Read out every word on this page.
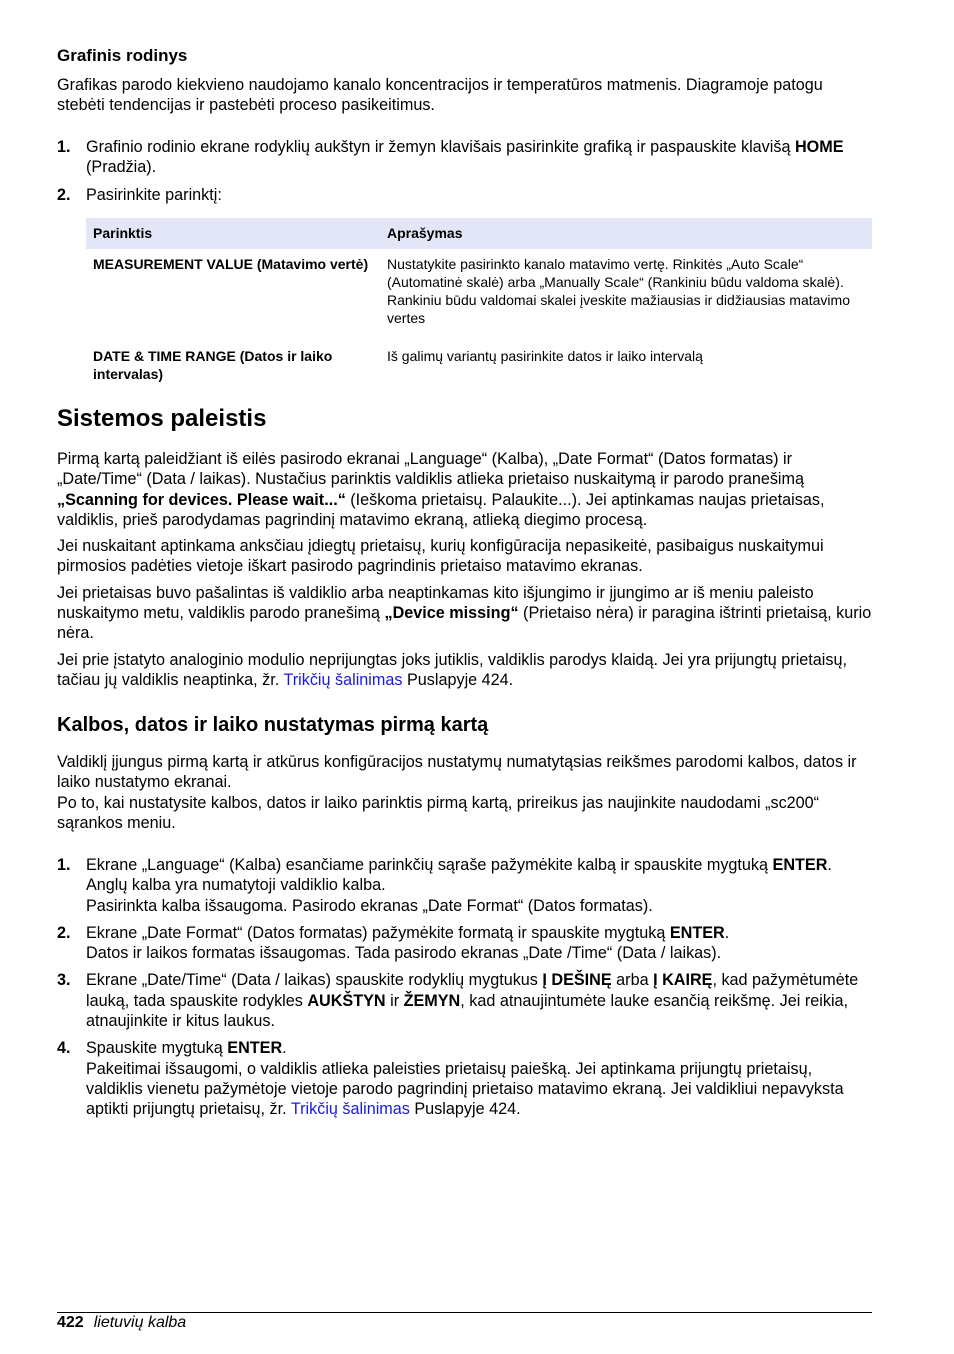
Grafinis rodinys

Grafikas parodo kiekvieno naudojamo kanalo koncentracijos ir temperatūros matmenis. Diagramoje patogu stebėti tendencijas ir pastebėti proceso pasikeitimus.

1. Grafinio rodinio ekrane rodyklių aukštyn ir žemyn klavišais pasirinkite grafiką ir paspauskite klavišą HOME (Pradžia).
2. Pasirinkite parinktį:
Parinktis	Aprašymas
MEASUREMENT VALUE (Matavimo vertė)	Nustatykite pasirinkto kanalo matavimo vertę. Rinkitės „Auto Scale“ (Automatinė skalė) arba „Manually Scale“ (Rankiniu būdu valdoma skalė). Rankiniu būdu valdomai skalei įveskite mažiausias ir didžiausias matavimo vertes
DATE & TIME RANGE (Datos ir laiko intervalas)	Iš galimų variantų pasirinkite datos ir laiko intervalą
Sistemos paleistis

Pirmą kartą paleidžiant iš eilės pasirodo ekranai „Language“ (Kalba), „Date Format“ (Datos formatas) ir „Date/Time“ (Data / laikas). Nustačius parinktis valdiklis atlieka prietaiso nuskaitymą ir parodo pranešimą „Scanning for devices. Please wait...“ (Ieškoma prietaisų. Palaukite...). Jei aptinkamas naujas prietaisas, valdiklis, prieš parodydamas pagrindinį matavimo ekraną, atlieką diegimo procesą.

Jei nuskaitant aptinkama anksčiau įdiegtų prietaisų, kurių konfigūracija nepasikeitė, pasibaigus nuskaitymui pirmosios padėties vietoje iškart pasirodo pagrindinis prietaiso matavimo ekranas.

Jei prietaisas buvo pašalintas iš valdiklio arba neaptinkamas kito išjungimo ir įjungimo ar iš meniu paleisto nuskaitymo metu, valdiklis parodo pranešimą „Device missing“ (Prietaiso nėra) ir paragina ištrinti prietaisą, kurio nėra.

Jei prie įstatyto analoginio modulio neprijungtas joks jutiklis, valdiklis parodys klaidą. Jei yra prijungtų prietaisų, tačiau jų valdiklis neaptinka, žr. Trikčių šalinimas Puslapyje 424.

Kalbos, datos ir laiko nustatymas pirmą kartą

Valdiklį įjungus pirmą kartą ir atkūrus konfigūracijos nustatymų numatytąsias reikšmes parodomi kalbos, datos ir laiko nustatymo ekranai.

Po to, kai nustatysite kalbos, datos ir laiko parinktis pirmą kartą, prireikus jas naujinkite naudodami „sc200“ sąrankos meniu.

1. Ekrane „Language“ (Kalba) esančiame parinkčių sąraše pažymėkite kalbą ir spauskite mygtuką ENTER. Anglų kalba yra numatytoji valdiklio kalba.
Pasirinkta kalba išsaugoma. Pasirodo ekranas „Date Format“ (Datos formatas).
2. Ekrane „Date Format“ (Datos formatas) pažymėkite formatą ir spauskite mygtuką ENTER.
Datos ir laikos formatas išsaugomas. Tada pasirodo ekranas „Date /Time“ (Data / laikas).
3. Ekrane „Date/Time“ (Data / laikas) spauskite rodyklių mygtukus Į DEŠINĘ arba Į KAIRĘ, kad pažymėtumėte lauką, tada spauskite rodykles AUKŠTYN ir ŽEMYN, kad atnaujintumėte lauke esančią reikšmę. Jei reikia, atnaujinkite ir kitus laukus.
4. Spauskite mygtuką ENTER.
Pakeitimai išsaugomi, o valdiklis atlieka paleisties prietaisų paiešką. Jei aptinkama prijungtų prietaisų, valdiklis vienetu pažymėtoje vietoje parodo pagrindinį prietaiso matavimo ekraną. Jei valdikliui nepavyksta aptikti prijungtų prietaisų, žr. Trikčių šalinimas Puslapyje 424.
422 lietuvių kalba
